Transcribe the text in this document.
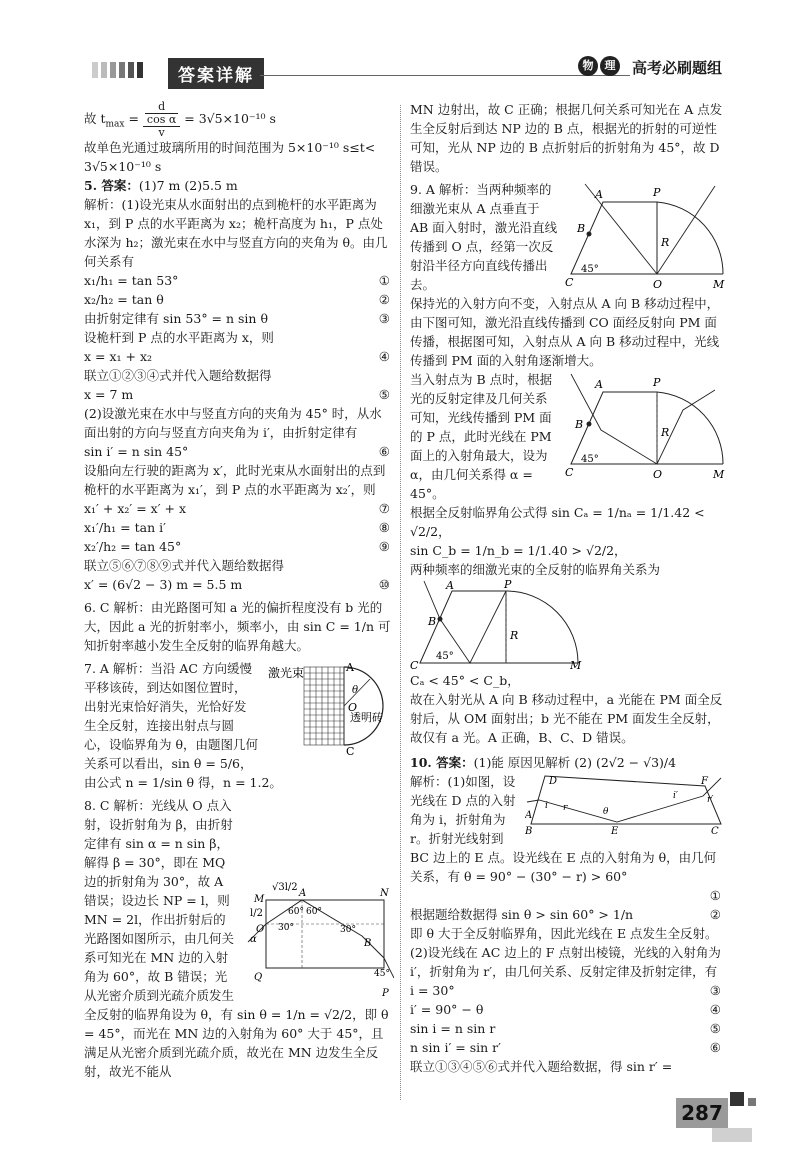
答案详解
物	理	高考必刷题组

故 $t_{max} = \frac{\frac{d}{\text{cos α}}}{v} = 3√5\times 10^{-10}$ s

故单色光通过玻璃所用的时间范围为 5×10⁻¹⁰ s≤t<

3√5×10⁻¹⁰ s

5. 答案：(1)7 m (2)5.5 m

解析：(1)设光束从水面射出的点到桅杆的水平距离为 x₁，到 P 点的水平距离为 x₂；桅杆高度为 h₁，P 点处水深为 h₂；激光束在水中与竖直方向的夹角为 θ。由几何关系有

x₁/h₁ = tan 53°	①

x₂/h₂ = tan θ	②

由折射定律有 sin 53° = n sin θ	③

设桅杆到 P 点的水平距离为 x，则

x = x₁ + x₂	④

联立①②③④式并代入题给数据得

x = 7 m	⑤

(2)设激光束在水中与竖直方向的夹角为 45° 时，从水面出射的方向与竖直方向夹角为 i′，由折射定律有

sin i′ = n sin 45°	⑥

设船向左行驶的距离为 x′，此时光束从水面射出的点到桅杆的水平距离为 x₁′，到 P 点的水平距离为 x₂′，则

x₁′ + x₂′ = x′ + x	⑦

x₁′/h₁ = tan i′	⑧

x₂′/h₂ = tan 45°	⑨

联立⑤⑥⑦⑧⑨式并代入题给数据得

x′ = (6√2 − 3) m = 5.5 m	⑩

6. C 解析：由光路图可知 a 光的偏折程度没有 b 光的大，因此 a 光的折射率小，频率小，由 sin C = 1/n 可知折射率越小发生全反射的临界角越大。

激光束
透明砖
A
O
C
θ

7. A 解析：当沿 AC 方向缓慢平移该砖，到达如图位置时，出射光束恰好消失，光恰好发生全反射，连接出射点与圆心，设临界角为 θ，由题图几何关系可以看出，sin θ = 5/6，由公式 n = 1/sin θ 得，n = 1.2。

√3l/2
l/2
A	N
M
O
B
Q
P
α
60° 60°
30°	30°
45°

8. C 解析：光线从 O 点入射，设折射角为 β，由折射定律有 sin α = n sin β，解得 β = 30°，即在 MQ 边的折射角为 30°，故 A 错误；设边长 NP = l，则 MN = 2l，作出折射后的光路图如图所示，由几何关系可知光在 MN 边的入射角为 60°，故 B 错误；光从光密介质到光疏介质发生全反射的临界角设为 θ，有 sin θ = 1/n = √2/2，即 θ = 45°，而光在 MN 边的入射角为 60° 大于 45°，且满足从光密介质到光疏介质，故光在 MN 边发生全反射，故光不能从

MN 边射出，故 C 正确；根据几何关系可知光在 A 点发生全反射后到达 NP 边的 B 点，根据光的折射的可逆性可知，光从 NP 边的 B 点折射后的折射角为 45°，故 D 错误。

A
B
P
R
C	O	M
45°

9. A 解析：当两种频率的细激光束从 A 点垂直于 AB 面入射时，激光沿直线传播到 O 点，经第一次反射沿半径方向直线传播出去。

保持光的入射方向不变，入射点从 A 向 B 移动过程中，由下图可知，激光沿直线传播到 CO 面经反射向 PM 面传播，根据图可知，入射点从 A 向 B 移动过程中，光线传播到 PM 面的入射角逐渐增大。

A
B
P
R
C	O	M
45°

当入射点为 B 点时，根据光的反射定律及几何关系可知，光线传播到 PM 面的 P 点，此时光线在 PM 面上的入射角最大，设为 α，由几何关系得 α = 45°。

根据全反射临界角公式得 sin Cₐ = 1/nₐ = 1/1.42 < √2/2，

sin C_b = 1/n_b = 1/1.40 > √2/2，

两种频率的细激光束的全反射的临界角关系为

A
B
P
R
C	M
45°

Cₐ < 45° < C_b，

故在入射光从 A 向 B 移动过程中，a 光能在 PM 面全反射后，从 OM 面射出；b 光不能在 PM 面发生全反射，故仅有 a 光。A 正确，B、C、D 错误。

10. 答案：(1)能 原因见解析 (2) (2√2 − √3)/4

D
A
i r	θ
E
B	C
F
i′	r′

解析：(1)如图，设光线在 D 点的入射角为 i，折射角为 r。折射光线射到 BC 边上的 E 点。设光线在 E 点的入射角为 θ，由几何关系，有 θ = 90° − (30° − r) > 60°

①

根据题给数据得 sin θ > sin 60° > 1/n	②

即 θ 大于全反射临界角，因此光线在 E 点发生全反射。

(2)设光线在 AC 边上的 F 点射出棱镜，光线的入射角为 i′，折射角为 r′，由几何关系、反射定律及折射定律，有

i = 30°	③

i′ = 90° − θ	④

sin i = n sin r	⑤

n sin i′ = sin r′	⑥

联立①③④⑤⑥式并代入题给数据，得 sin r′ =

287
